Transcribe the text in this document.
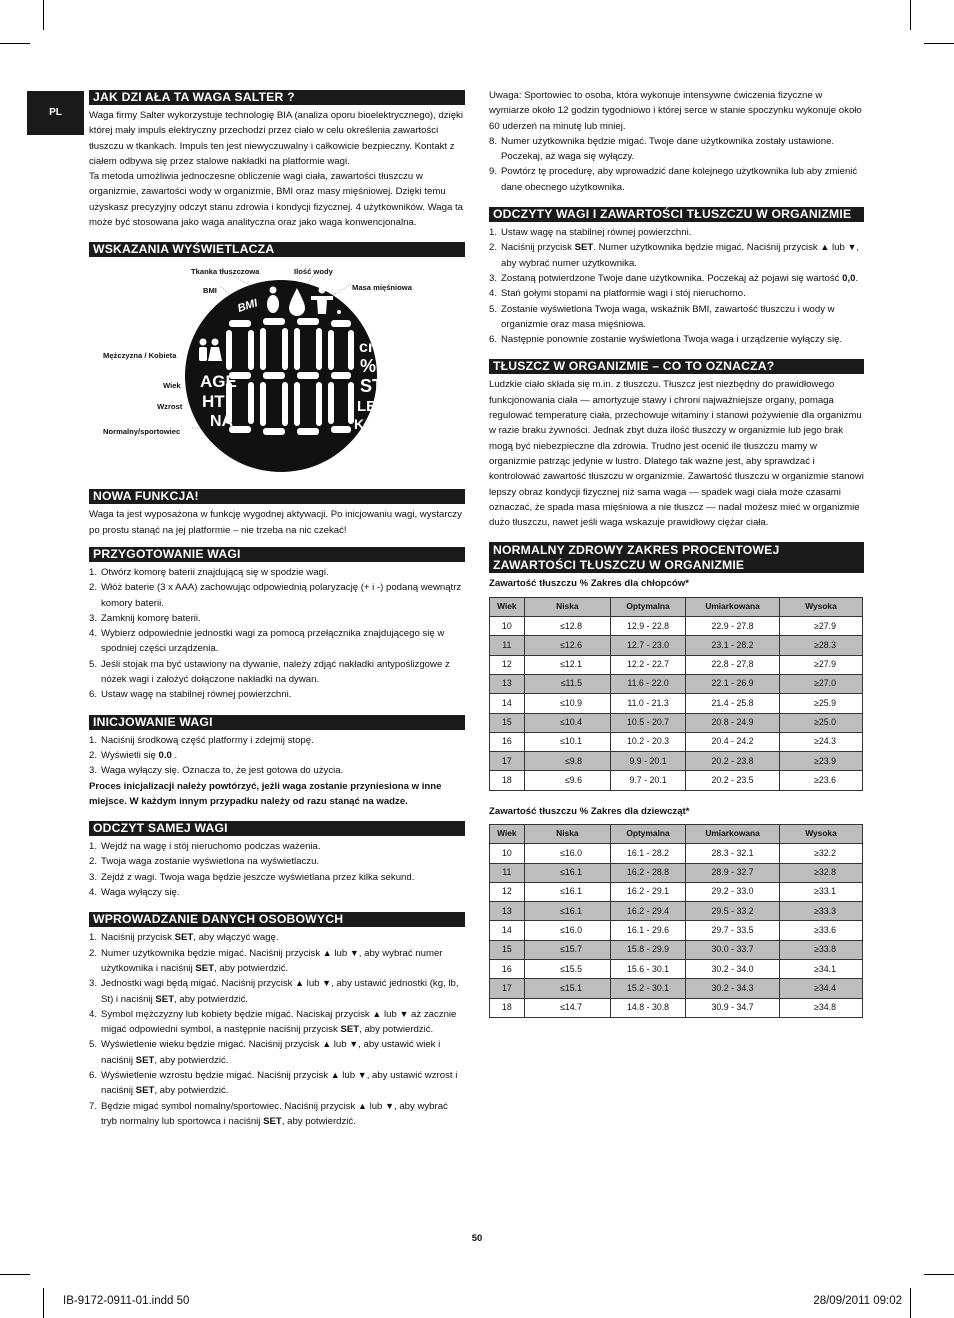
PL
JAK DZI AŁA TA WAGA SALTER ?

Waga firmy Salter wykorzystuje technologię BIA (analiza oporu bioelektrycznego), dzięki której mały impuls elektryczny przechodzi przez ciało w celu określenia zawartości tłuszczu w tkankach. Impuls ten jest niewyczuwalny i całkowicie bezpieczny. Kontakt z ciałem odbywa się przez stalowe nakładki na platformie wagi.

Ta metoda umożliwia jednoczesne obliczenie wagi ciała, zawartości tłuszczu w organizmie, zawartości wody w organizmie, BMI oraz masy mięśniowej. Dzięki temu uzyskasz precyzyjny odczyt stanu zdrowia i kondycji fizycznej. 4 użytkowników. Waga ta może być stosowana jako waga analityczna oraz jako waga konwencjonalna.

WSKAZANIA WYŚWIETLACZA
Tkanka tłuszczowa	Ilość wody
Masa mięśniowa
BMI
Mężczyzna / Kobieta
Wiek
Wzrost
Normalny/sportowiec
BMI
AGE
HT
NA
cm
%
ST
LB
KG
NOWA FUNKCJA!

Waga ta jest wyposażona w funkcję wygodnej aktywacji. Po inicjowaniu wagi, wystarczy po prostu stanąć na jej platformie – nie trzeba na nic czekać!

PRZYGOTOWANIE WAGI
1. Otwórz komorę baterii znajdującą się w spodzie wagi.
2. Włóż baterie (3 x AAA) zachowując odpowiednią polaryzację (+ i -) podaną wewnątrz komory baterii.
3. Zamknij komorę baterii.
4. Wybierz odpowiednie jednostki wagi za pomocą przełącznika znajdującego się w spodniej części urządzenia.
5. Jeśli stojak ma być ustawiony na dywanie, należy zdjąć nakładki antypoślizgowe z nóżek wagi i założyć dołączone nakładki na dywan.
6. Ustaw wagę na stabilnej równej powierzchni.
INICJOWANIE WAGI
1. Naciśnij środkową część platformy i zdejmij stopę.
2. Wyświetli się 0.0 .
3. Waga wyłączy się. Oznacza to, że jest gotowa do użycia.

Proces inicjalizacji należy powtórzyć, jeżli waga zostanie przyniesiona w inne miejsce. W każdym innym przypadku należy od razu stanąć na wadze.

ODCZYT SAMEJ WAGI
1. Wejdź na wagę i stój nieruchomo podczas ważenia.
2. Twoja waga zostanie wyświetlona na wyświetlaczu.
3. Zejdź z wagi. Twoja waga będzie jeszcze wyświetlana przez kilka sekund.
4. Waga wyłączy się.
WPROWADZANIE DANYCH OSOBOWYCH
1. Naciśnij przycisk SET, aby włączyć wagę.
2. Numer użytkownika będzie migać. Naciśnij przycisk ▲ lub ▼, aby wybrać numer użytkownika i naciśnij SET, aby potwierdzić.
3. Jednostki wagi będą migać. Naciśnij przycisk ▲ lub ▼, aby ustawić jednostki (kg, lb, St) i naciśnij SET, aby potwierdzić.
4. Symbol mężczyzny lub kobiety będzie migać. Naciskaj przycisk ▲ lub ▼ aż zacznie migać odpowiedni symbol, a następnie naciśnij przycisk SET, aby potwierdzić.
5. Wyświetlenie wieku będzie migać. Naciśnij przycisk ▲ lub ▼, aby ustawić wiek i naciśnij SET, aby potwierdzić.
6. Wyświetlenie wzrostu będzie migać. Naciśnij przycisk ▲ lub ▼, aby ustawić wzrost i naciśnij SET, aby potwierdzić.
7. Będzie migać symbol nomalny/sportowiec. Naciśnij przycisk ▲ lub ▼, aby wybrać tryb normalny lub sportowca i naciśnij SET, aby potwierdzić.

Uwaga: Sportowiec to osoba, która wykonuje intensywne ćwiczenia fizyczne w wymiarze około 12 godzin tygodniowo i której serce w stanie spoczynku wykonuje około 60 uderzeń na minutę lub mniej.

8. Numer użytkownika będzie migać. Twoje dane użytkownika zostały ustawione. Poczekaj, aż waga się wyłączy.
9. Powtórz tę procedurę, aby wprowadzić dane kolejnego użytkownika lub aby zmienić dane obecnego użytkownika.
ODCZYTY WAGI I ZAWARTOŚCI TŁUSZCZU W ORGANIZMIE
1. Ustaw wagę na stabilnej równej powierzchni.
2. Naciśnij przycisk SET. Numer użytkownika będzie migać. Naciśnij przycisk ▲ lub ▼, aby wybrać numer użytkownika.
3. Zostaną potwierdzone Twoje dane użytkownika. Poczekaj aż pojawi się wartość 0,0.
4. Stań gołymi stopami na platformie wagi i stój nieruchomo.
5. Zostanie wyświetlona Twoja waga, wskaźnik BMI, zawartość tłuszczu i wody w organizmie oraz masa mięśniowa.
6. Następnie ponownie zostanie wyświetlona Twoja waga i urządzenie wyłączy się.
TŁUSZCZ W ORGANIZMIE – CO TO OZNACZA?

Ludzkie ciało składa się m.in. z tłuszczu. Tłuszcz jest niezbędny do prawidłowego funkcjonowania ciała — amortyzuje stawy i chroni najważniejsze organy, pomaga regulować temperaturę ciała, przechowuje witaminy i stanowi pożywienie dla organizmu w razie braku żywności. Jednak zbyt duża ilość tłuszczy w organizmie lub jego brak mogą być niebezpieczne dla zdrowia. Trudno jest ocenić ile tłuszczu mamy w organizmie patrząc jedynie w lustro. Dlatego tak ważne jest, aby sprawdzać i kontrolować zawartość tłuszczu w organizmie. Zawartość tłuszczu w organizmie stanowi lepszy obraz kondycji fizycznej niż sama waga — spadek wagi ciała może czasami oznaczać, że spada masa mięśniowa a nie tłuszcz — nadal możesz mieć w organizmie dużo tłuszczu, nawet jeśli waga wskazuje prawidłowy ciężar ciała.

NORMALNY ZDROWY ZAKRES PROCENTOWEJ
ZAWARTOŚCI TŁUSZCZU W ORGANIZMIE
Zawartość tłuszczu % Zakres dla chłopców*
Wiek	Niska	Optymalna	Umiarkowana	Wysoka
10	≤12.8	12.9 - 22.8	22.9 - 27.8	≥27.9
11	≤12.6	12.7 - 23.0	23.1 - 28.2	≥28.3
12	≤12.1	12.2 - 22.7	22.8 - 27.8	≥27.9
13	≤11.5	11.6 - 22.0	22.1 - 26.9	≥27.0
14	≤10.9	11.0 - 21.3	21.4 - 25.8	≥25.9
15	≤10.4	10.5 - 20.7	20.8 - 24.9	≥25.0
16	≤10.1	10.2 - 20.3	20.4 - 24.2	≥24.3
17	≤9.8	9.9 - 20.1	20.2 - 23.8	≥23.9
18	≤9.6	9.7 - 20.1	20.2 - 23.5	≥23.6
Zawartość tłuszczu % Zakres dla dziewcząt*
Wiek	Niska	Optymalna	Umiarkowana	Wysoka
10	≤16.0	16.1 - 28.2	28.3 - 32.1	≥32.2
11	≤16.1	16.2 - 28.8	28.9 - 32.7	≥32.8
12	≤16.1	16.2 - 29.1	29.2 - 33.0	≥33.1
13	≤16.1	16.2 - 29.4	29.5 - 33.2	≥33.3
14	≤16.0	16.1 - 29.6	29.7 - 33.5	≥33.6
15	≤15.7	15.8 - 29.9	30.0 - 33.7	≥33.8
16	≤15.5	15.6 - 30.1	30.2 - 34.0	≥34.1
17	≤15.1	15.2 - 30.1	30.2 - 34.3	≥34.4
18	≤14.7	14.8 - 30.8	30.9 - 34.7	≥34.8
50
IB-9172-0911-01.indd 50	28/09/2011 09:02
